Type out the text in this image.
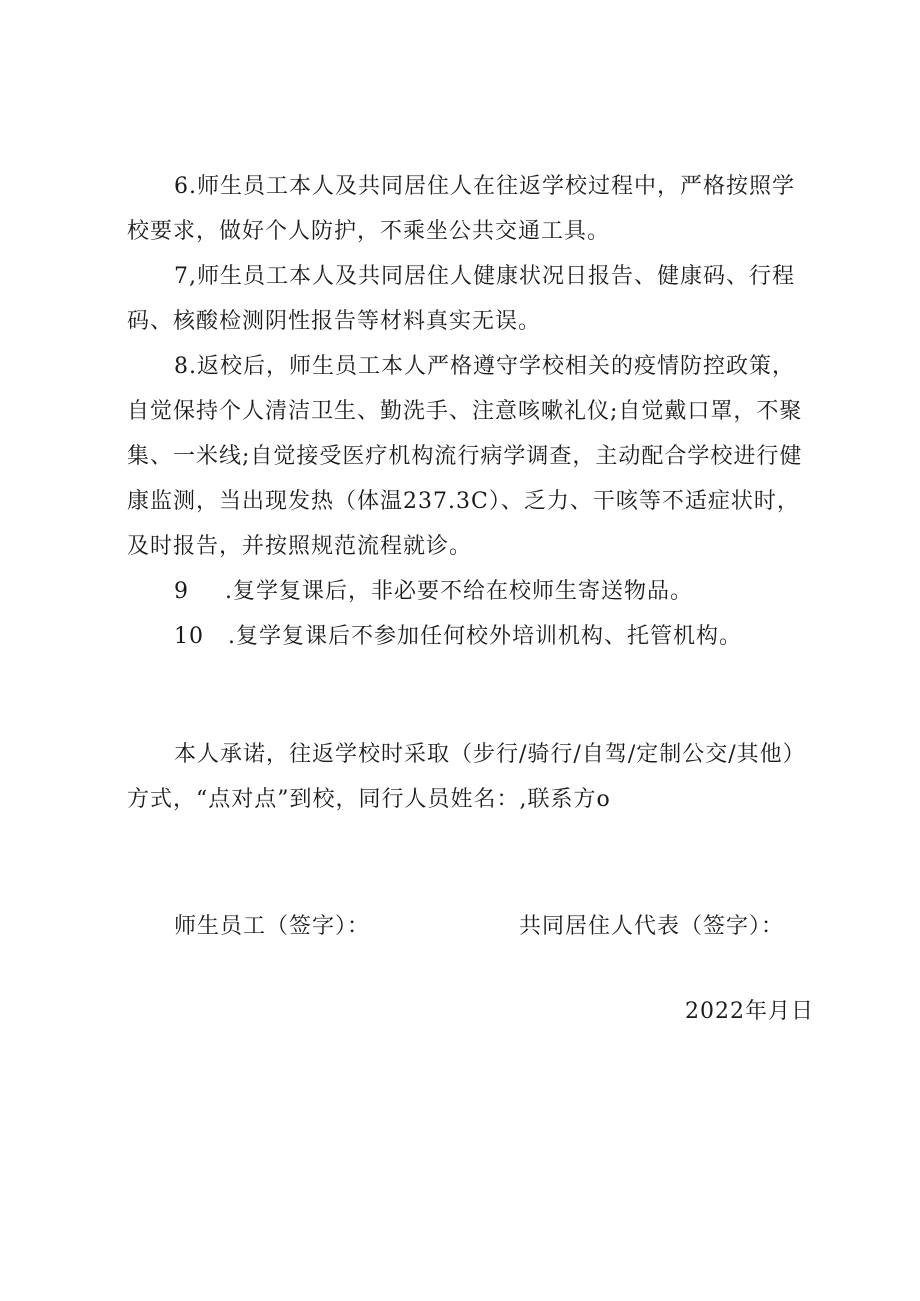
6.师生员工本人及共同居住人在往返学校过程中，严格按照学
校要求，做好个人防护，不乘坐公共交通工具。
7,师生员工本人及共同居住人健康状况日报告、健康码、行程
码、核酸检测阴性报告等材料真实无误。
8.返校后，师生员工本人严格遵守学校相关的疫情防控政策，
自觉保持个人清洁卫生、勤洗手、注意咳嗽礼仪;自觉戴口罩，不聚
集、一米线;自觉接受医疗机构流行病学调查，主动配合学校进行健
康监测，当出现发热（体温237.3C）、乏力、干咳等不适症状时，
及时报告，并按照规范流程就诊。
9 .复学复课后，非必要不给在校师生寄送物品。
10 .复学复课后不参加任何校外培训机构、托管机构。
本人承诺，往返学校时采取（步行/骑行/自驾/定制公交/其他）
方式，“点对点”到校，同行人员姓名：,联系方o
师生员工（签字）：	共同居住人代表（签字）：
2022年月日
